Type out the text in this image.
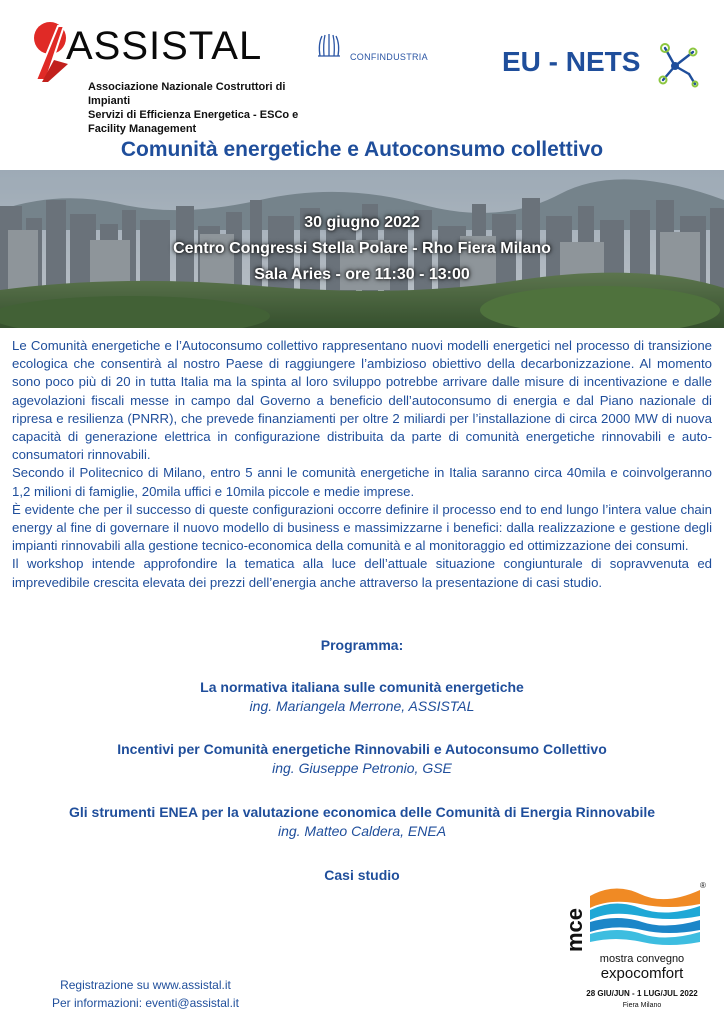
ASSISTAL
Associazione Nazionale Costruttori di Impianti
Servizi di Efficienza Energetica - ESCo e Facility Management
CONFINDUSTRIA	EU - NETS
Comunità energetiche e Autoconsumo collettivo
30 giugno 2022
Centro Congressi Stella Polare - Rho Fiera Milano
Sala Aries - ore 11:30 - 13:00

Le Comunità energetiche e l’Autoconsumo collettivo rappresentano nuovi modelli energetici nel processo di transizione ecologica che consentirà al nostro Paese di raggiungere l’ambizioso obiettivo della decarbonizzazione. Al momento sono poco più di 20 in tutta Italia ma la spinta al loro sviluppo potrebbe arrivare dalle misure di incentivazione e dalle agevolazioni fiscali messe in campo dal Governo a beneficio dell’autoconsumo di energia e dal Piano nazionale di ripresa e resilienza (PNRR), che prevede finanziamenti per oltre 2 miliardi per l’installazione di circa 2000 MW di nuova capacità di generazione elettrica in configurazione distribuita da parte di comunità energetiche rinnovabili e auto-consumatori rinnovabili.

Secondo il Politecnico di Milano, entro 5 anni le comunità energetiche in Italia saranno circa 40mila e coinvolgeranno 1,2 milioni di famiglie, 20mila uffici e 10mila piccole e medie imprese.

È evidente che per il successo di queste configurazioni occorre definire il processo end to end lungo l’intera value chain energy al fine di governare il nuovo modello di business e massimizzarne i benefici: dalla realizzazione e gestione degli impianti rinnovabili alla gestione tecnico-economica della comunità e al monitoraggio ed ottimizzazione dei consumi.

Il workshop intende approfondire la tematica alla luce dell’attuale situazione congiunturale di sopravvenuta ed imprevedibile crescita elevata dei prezzi dell’energia anche attraverso la presentazione di casi studio.

Programma:
La normativa italiana sulle comunità energetiche
ing. Mariangela Merrone, ASSISTAL
Incentivi per Comunità energetiche Rinnovabili e Autoconsumo Collettivo
ing. Giuseppe Petronio, GSE
Gli strumenti ENEA per la valutazione economica delle Comunità di Energia Rinnovabile
ing. Matteo Caldera, ENEA
Casi studio
Registrazione su www.assistal.it
Per informazioni: eventi@assistal.it
mce
®
mostra convegno
expocomfort
28 GIU/JUN - 1 LUG/JUL 2022
Fiera Milano
